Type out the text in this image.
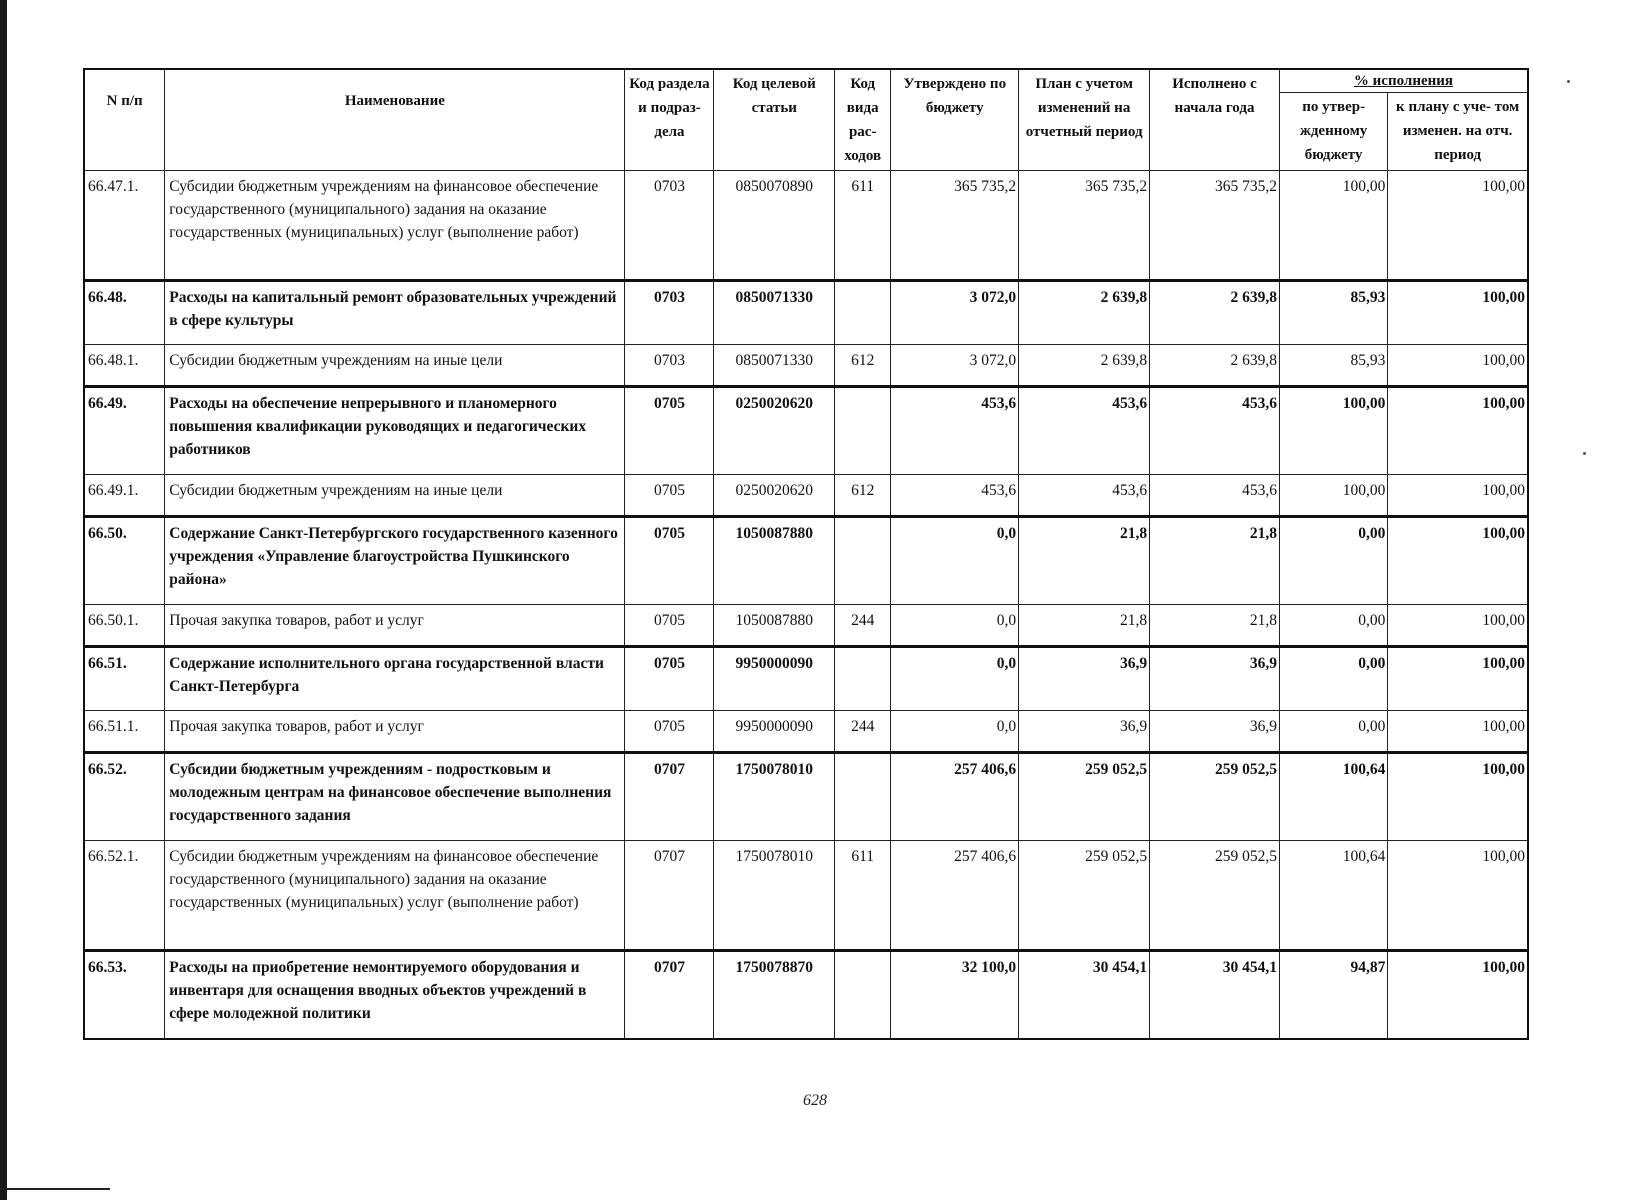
N п/п	Наименование	Код раздела и подраз- дела	Код целевой статьи	Код вида рас- ходов	Утверждено по бюджету	План с учетом изменений на отчетный период	Исполнено с начала года	% исполнения	
								по утвер- жденному бюджету	к плану с уче- том изменен. на отч. период
66.47.1.	Субсидии бюджетным учреждениям на финансовое обеспечение государственного (муниципального) задания на оказание государственных (муниципальных) услуг (выполнение работ)	0703	0850070890	611	365 735,2	365 735,2	365 735,2	100,00	100,00
66.48.	Расходы на капитальный ремонт образовательных учреждений в сфере культуры	0703	0850071330		3 072,0	2 639,8	2 639,8	85,93	100,00
66.48.1.	Субсидии бюджетным учреждениям на иные цели	0703	0850071330	612	3 072,0	2 639,8	2 639,8	85,93	100,00
66.49.	Расходы на обеспечение непрерывного и планомерного повышения квалификации руководящих и педагогических работников	0705	0250020620		453,6	453,6	453,6	100,00	100,00
66.49.1.	Субсидии бюджетным учреждениям на иные цели	0705	0250020620	612	453,6	453,6	453,6	100,00	100,00
66.50.	Содержание Санкт-Петербургского государственного казенного учреждения «Управление благоустройства Пушкинского района»	0705	1050087880		0,0	21,8	21,8	0,00	100,00
66.50.1.	Прочая закупка товаров, работ и услуг	0705	1050087880	244	0,0	21,8	21,8	0,00	100,00
66.51.	Содержание исполнительного органа государственной власти Санкт-Петербурга	0705	9950000090		0,0	36,9	36,9	0,00	100,00
66.51.1.	Прочая закупка товаров, работ и услуг	0705	9950000090	244	0,0	36,9	36,9	0,00	100,00
66.52.	Субсидии бюджетным учреждениям - подростковым и молодежным центрам на финансовое обеспечение выполнения государственного задания	0707	1750078010		257 406,6	259 052,5	259 052,5	100,64	100,00
66.52.1.	Субсидии бюджетным учреждениям на финансовое обеспечение государственного (муниципального) задания на оказание государственных (муниципальных) услуг (выполнение работ)	0707	1750078010	611	257 406,6	259 052,5	259 052,5	100,64	100,00
66.53.	Расходы на приобретение немонтируемого оборудования и инвентаря для оснащения вводных объектов учреждений в сфере молодежной политики	0707	1750078870		32 100,0	30 454,1	30 454,1	94,87	100,00
628
